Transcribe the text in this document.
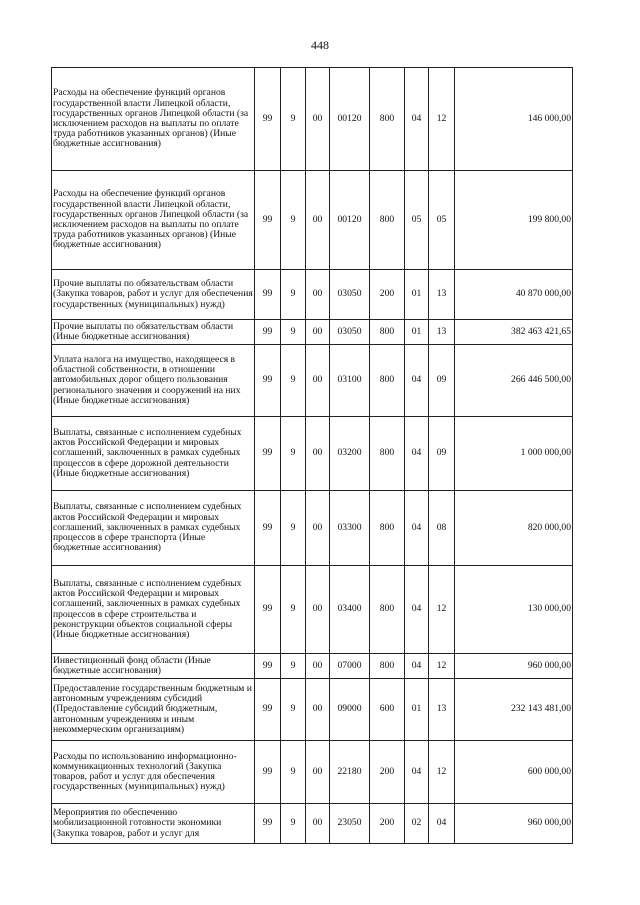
448
Расходы на обеспечение функций органов государственной власти Липецкой области, государственных органов Липецкой области (за исключением расходов на выплаты по оплате труда работников указанных органов) (Иные бюджетные ассигнования)	99	9	00	00120	800	04	12	146 000,00
Расходы на обеспечение функций органов государственной власти Липецкой области, государственных органов Липецкой области (за исключением расходов на выплаты по оплате труда работников указанных органов) (Иные бюджетные ассигнования)	99	9	00	00120	800	05	05	199 800,00
Прочие выплаты по обязательствам области (Закупка товаров, работ и услуг для обеспечения государственных (муниципальных) нужд)	99	9	00	03050	200	01	13	40 870 000,00
Прочие выплаты по обязательствам области (Иные бюджетные ассигнования)	99	9	00	03050	800	01	13	382 463 421,65
Уплата налога на имущество, находящееся в областной собственности, в отношении автомобильных дорог общего пользования регионального значения и сооружений на них (Иные бюджетные ассигнования)	99	9	00	03100	800	04	09	266 446 500,00
Выплаты, связанные с исполнением судебных актов Российской Федерации и мировых соглашений, заключенных в рамках судебных процессов в сфере дорожной деятельности (Иные бюджетные ассигнования)	99	9	00	03200	800	04	09	1 000 000,00
Выплаты, связанные с исполнением судебных актов Российской Федерации и мировых соглашений, заключенных в рамках судебных процессов в сфере транспорта (Иные бюджетные ассигнования)	99	9	00	03300	800	04	08	820 000,00
Выплаты, связанные с исполнением судебных актов Российской Федерации и мировых соглашений, заключенных в рамках судебных процессов в сфере строительства и реконструкции объектов социальной сферы (Иные бюджетные ассигнования)	99	9	00	03400	800	04	12	130 000,00
Инвестиционный фонд области (Иные бюджетные ассигнования)	99	9	00	07000	800	04	12	960 000,00
Предоставление государственным бюджетным и автономным учреждениям субсидий (Предоставление субсидий бюджетным, автономным учреждениям и иным некоммерческим организациям)	99	9	00	09000	600	01	13	232 143 481,00
Расходы по использованию информационно-коммуникационных технологий (Закупка товаров, работ и услуг для обеспечения государственных (муниципальных) нужд)	99	9	00	22180	200	04	12	600 000,00
Мероприятия по обеспечению мобилизационной готовности экономики (Закупка товаров, работ и услуг для	99	9	00	23050	200	02	04	960 000,00
